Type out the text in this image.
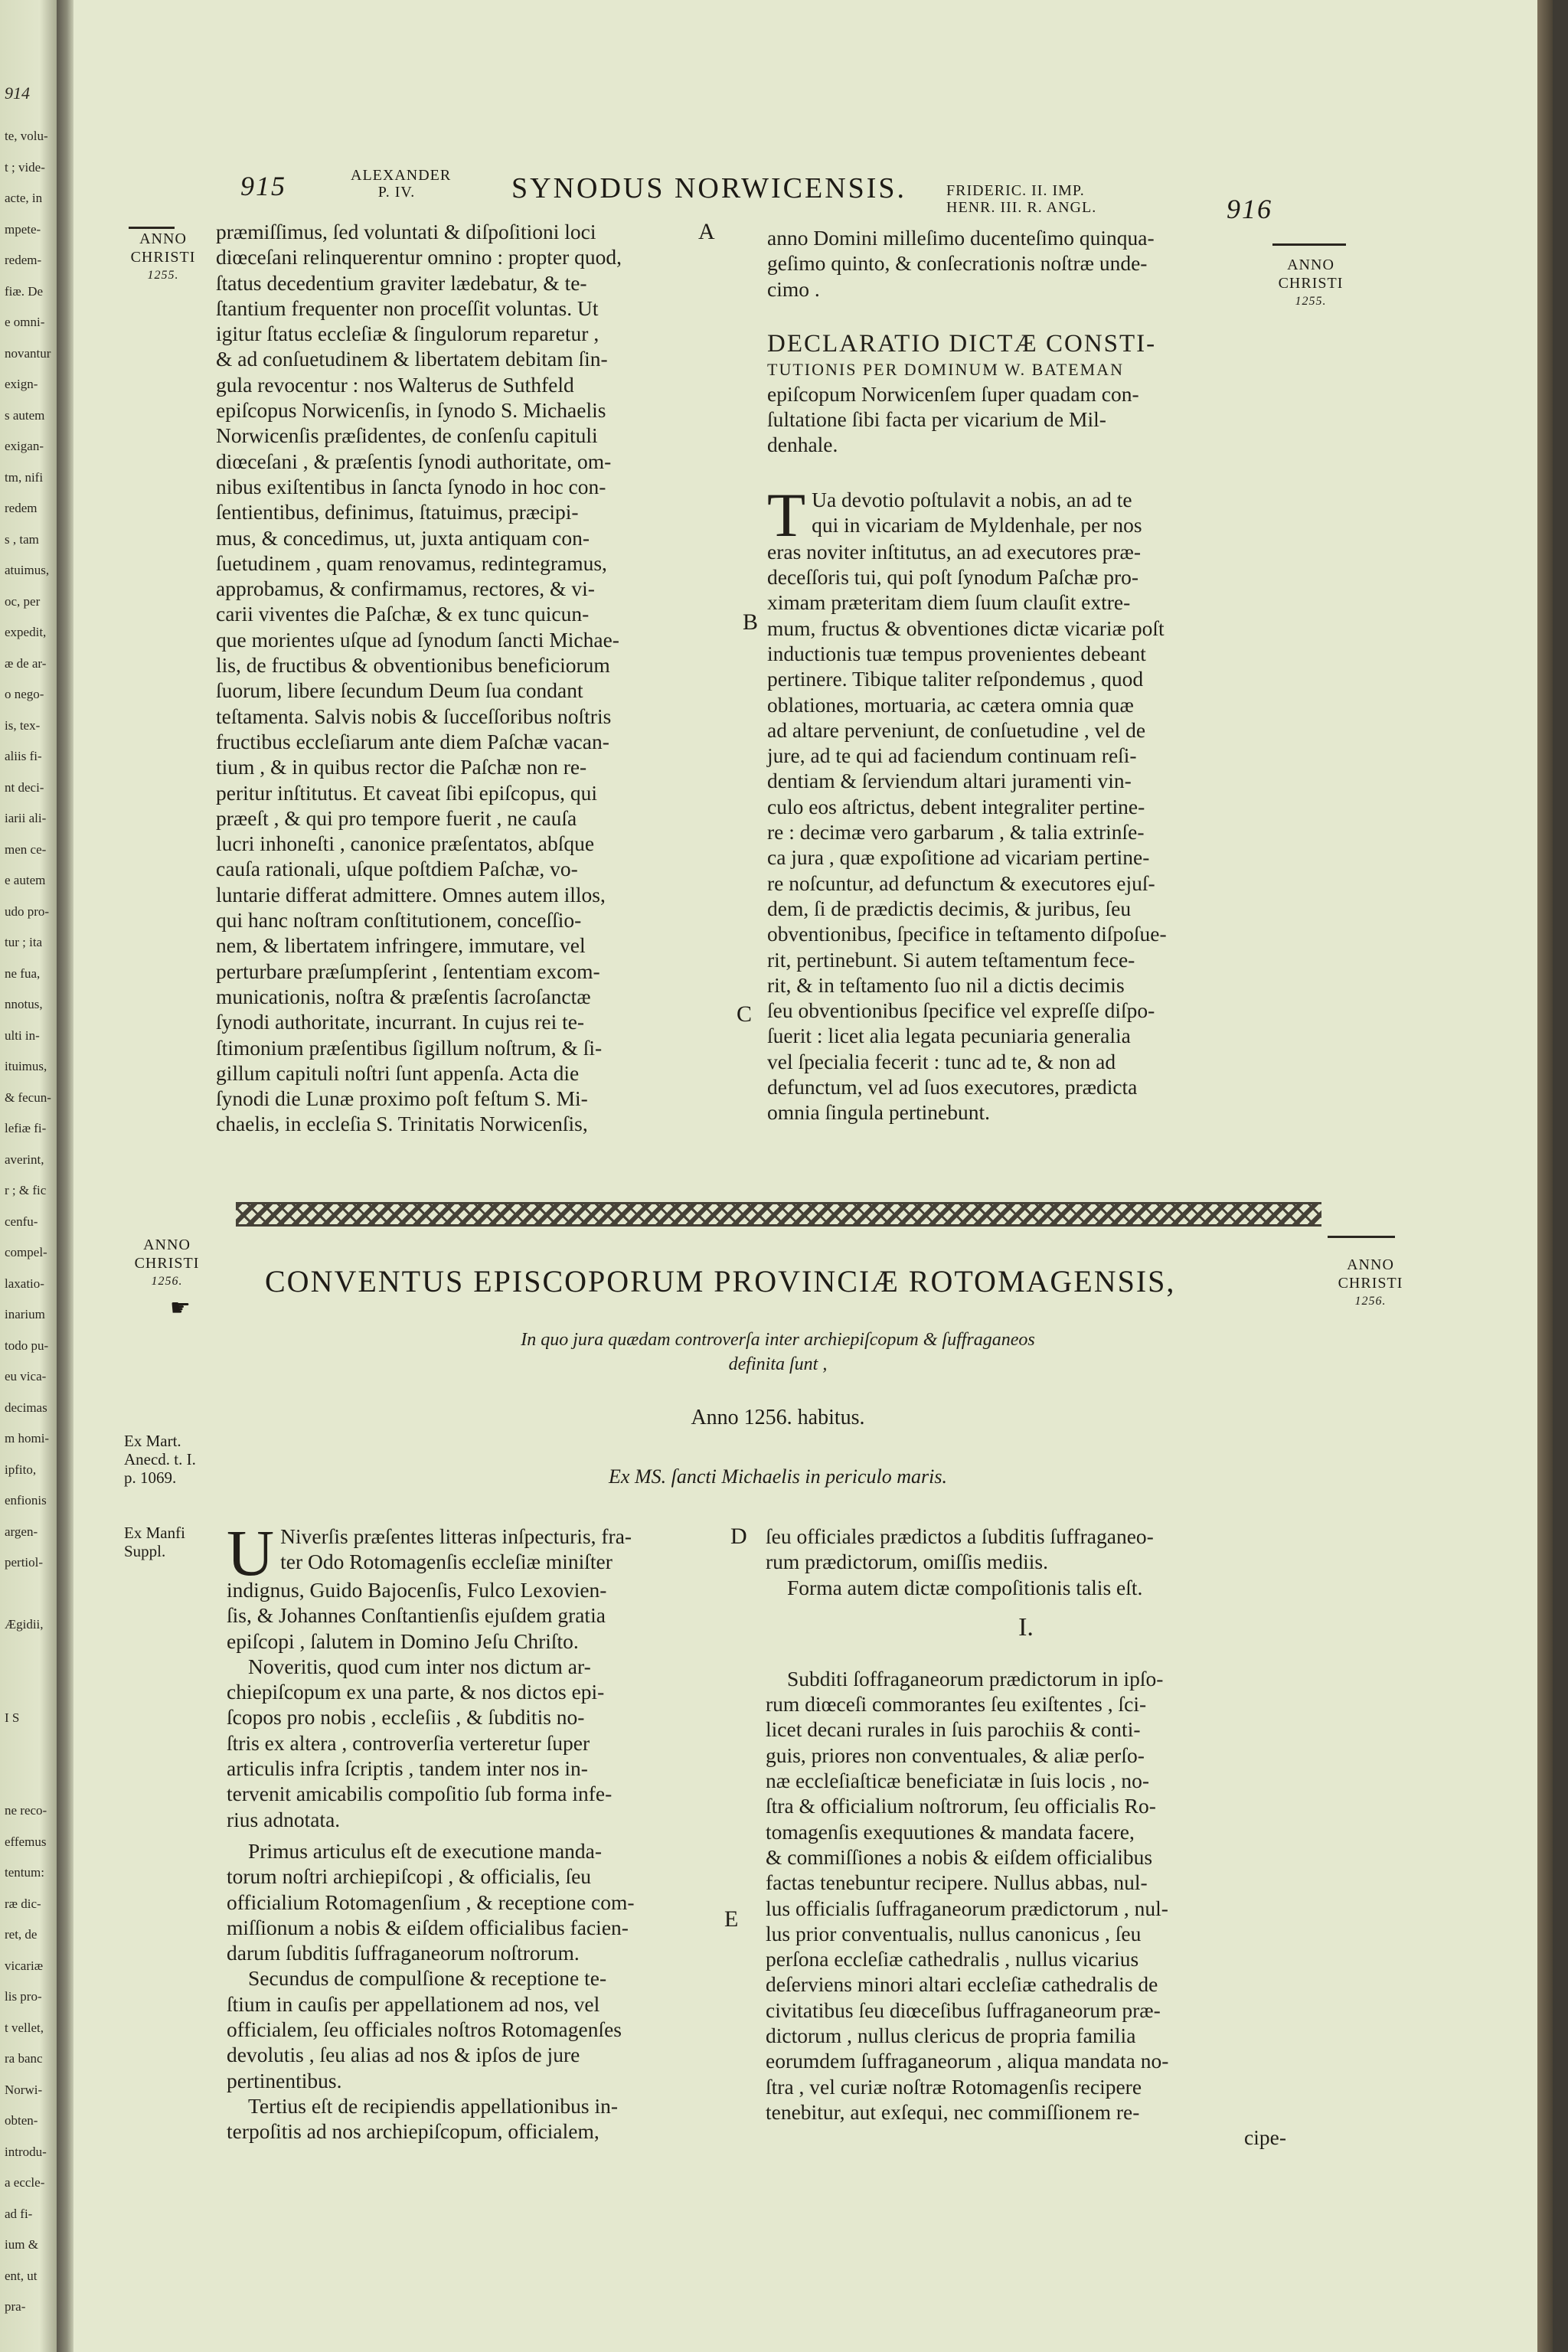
914
te, volu-
t ; vide-
acte, in
mpete-
redem-
fiæ. De
e omni-
novantur
exign-
s autem
exigan-
tm, nifi
redem
s , tam
atuimus,
oc, per
expedit,
æ de ar-
o nego-
is, tex-
aliis fi-
nt deci-
iarii ali-
men ce-
e autem
udo pro-
tur ; ita
ne fua,
nnotus,
ulti in-
ituimus,
& fecun-
lefiæ fi-
averint,
r ; & fic
cenfu-
compel-
laxatio-
inarium
todo pu-
eu vica-
decimas
m homi-
ipfito,
enfionis
argen-
pertiol-
Ægidii,
I S
ne reco-
effemus
tentum:
ræ dic-
ret, de
vicariæ
lis pro-
t vellet,
ra banc
Norwi-
obten-
introdu-
a eccle-
ad fi-
ium &
ent, ut
pra-
915	ALEXANDER
P. IV.	SYNODUS NORWICENSIS.	FRIDERIC. II. IMP.
HENR. III. R. ANGL.	916
ANNO
CHRISTI
1255.
ANNO
CHRISTI
1255.
A
B
C
D
E

præmiſſimus, ſed voluntati & diſpoſitioni loci

diœceſani relinquerentur omnino : propter quod,

ſtatus decedentium graviter lædebatur, & te-

ſtantium frequenter non proceſſit voluntas. Ut

igitur ſtatus eccleſiæ & ſingulorum reparetur ,

& ad conſuetudinem & libertatem debitam ſin-

gula revocentur : nos Walterus de Suthfeld

epiſcopus Norwicenſis, in ſynodo S. Michaelis

Norwicenſis præſidentes, de conſenſu capituli

diœceſani , & præſentis ſynodi authoritate, om-

nibus exiſtentibus in ſancta ſynodo in hoc con-

ſentientibus, definimus, ſtatuimus, præcipi-

mus, & concedimus, ut, juxta antiquam con-

ſuetudinem , quam renovamus, redintegramus,

approbamus, & confirmamus, rectores, & vi-

carii viventes die Paſchæ, & ex tunc quicun-

que morientes uſque ad ſynodum ſancti Michae-

lis, de fructibus & obventionibus beneficiorum

ſuorum, libere ſecundum Deum ſua condant

teſtamenta. Salvis nobis & ſucceſſoribus noſtris

fructibus eccleſiarum ante diem Paſchæ vacan-

tium , & in quibus rector die Paſchæ non re-

peritur inſtitutus. Et caveat ſibi epiſcopus, qui

præeſt , & qui pro tempore fuerit , ne cauſa

lucri inhoneſti , canonice præſentatos, abſque

cauſa rationali, uſque poſtdiem Paſchæ, vo-

luntarie differat admittere. Omnes autem illos,

qui hanc noſtram conſtitutionem, conceſſio-

nem, & libertatem infringere, immutare, vel

perturbare præſumpſerint , ſententiam excom-

municationis, noſtra & præſentis ſacroſanctæ

ſynodi authoritate, incurrant. In cujus rei te-

ſtimonium præſentibus ſigillum noſtrum, & ſi-

gillum capituli noſtri ſunt appenſa. Acta die

ſynodi die Lunæ proximo poſt feſtum S. Mi-

chaelis, in eccleſia S. Trinitatis Norwicenſis,

anno Domini milleſimo ducenteſimo quinqua-

geſimo quinto, & conſecrationis noſtræ unde-

cimo .

DECLARATIO DICTÆ CONSTI-

TUTIONIS PER DOMINUM W. BATEMAN

epiſcopum Norwicenſem ſuper quadam con-

ſultatione ſibi facta per vicarium de Mil-

denhale.

T Ua devotio poſtulavit a nobis, an ad te

qui in vicariam de Myldenhale, per nos

eras noviter inſtitutus, an ad executores præ-

deceſſoris tui, qui poſt ſynodum Paſchæ pro-

ximam præteritam diem ſuum clauſit extre-

mum, fructus & obventiones dictæ vicariæ poſt

inductionis tuæ tempus provenientes debeant

pertinere. Tibique taliter reſpondemus , quod

oblationes, mortuaria, ac cætera omnia quæ

ad altare perveniunt, de conſuetudine , vel de

jure, ad te qui ad faciendum continuam reſi-

dentiam & ſerviendum altari juramenti vin-

culo eos aſtrictus, debent integraliter pertine-

re : decimæ vero garbarum , & talia extrinſe-

ca jura , quæ expoſitione ad vicariam pertine-

re noſcuntur, ad defunctum & executores ejuſ-

dem, ſi de prædictis decimis, & juribus, ſeu

obventionibus, ſpecifice in teſtamento diſpoſue-

rit, pertinebunt. Si autem teſtamentum fece-

rit, & in teſtamento ſuo nil a dictis decimis

ſeu obventionibus ſpecifice vel expreſſe diſpo-

ſuerit : licet alia legata pecuniaria generalia

vel ſpecialia fecerit : tunc ad te, & non ad

defunctum, vel ad ſuos executores, prædicta

omnia ſingula pertinebunt.

ANNO
CHRISTI
1256.
☛
ANNO
CHRISTI
1256.
CONVENTUS EPISCOPORUM PROVINCIÆ ROTOMAGENSIS,
In quo jura quædam controverſa inter archiepiſcopum & ſuffraganeos
definita ſunt ,
Anno 1256. habitus.
Ex MS. ſancti Michaelis in periculo maris.
Ex Mart.
Anecd. t. I.
p. 1069.
Ex Manfi
Suppl. U Niverſis præſentes litteras inſpecturis, fra-

ter Odo Rotomagenſis eccleſiæ miniſter

indignus, Guido Bajocenſis, Fulco Lexovien-

ſis, & Johannes Conſtantienſis ejuſdem gratia

epiſcopi , ſalutem in Domino Jeſu Chriſto.

Noveritis, quod cum inter nos dictum ar-

chiepiſcopum ex una parte, & nos dictos epi-

ſcopos pro nobis , eccleſiis , & ſubditis no-

ſtris ex altera , controverſia verteretur ſuper

articulis infra ſcriptis , tandem inter nos in-

tervenit amicabilis compoſitio ſub forma infe-

rius adnotata.

Primus articulus eſt de executione manda-

torum noſtri archiepiſcopi , & officialis, ſeu

officialium Rotomagenſium , & receptione com-

miſſionum a nobis & eiſdem officialibus facien-

darum ſubditis ſuffraganeorum noſtrorum.

Secundus de compulſione & receptione te-

ſtium in cauſis per appellationem ad nos, vel

officialem, ſeu officiales noſtros Rotomagenſes

devolutis , ſeu alias ad nos & ipſos de jure

pertinentibus.

Tertius eſt de recipiendis appellationibus in-

terpoſitis ad nos archiepiſcopum, officialem,

ſeu officiales prædictos a ſubditis ſuffraganeo-

rum prædictorum, omiſſis mediis.

Forma autem dictæ compoſitionis talis eſt.

I.

Subditi ſoffraganeorum prædictorum in ipſo-

rum diœceſi commorantes ſeu exiſtentes , ſci-

licet decani rurales in ſuis parochiis & conti-

guis, priores non conventuales, & aliæ perſo-

næ eccleſiaſticæ beneficiatæ in ſuis locis , no-

ſtra & officialium noſtrorum, ſeu officialis Ro-

tomagenſis exequutiones & mandata facere,

& commiſſiones a nobis & eiſdem officialibus

factas tenebuntur recipere. Nullus abbas, nul-

lus officialis ſuffraganeorum prædictorum , nul-

lus prior conventualis, nullus canonicus , ſeu

perſona eccleſiæ cathedralis , nullus vicarius

deſerviens minori altari eccleſiæ cathedralis de

civitatibus ſeu diœceſibus ſuffraganeorum præ-

dictorum , nullus clericus de propria familia

eorumdem ſuffraganeorum , aliqua mandata no-

ſtra , vel curiæ noſtræ Rotomagenſis recipere

tenebitur, aut exſequi, nec commiſſionem re-

cipe-
